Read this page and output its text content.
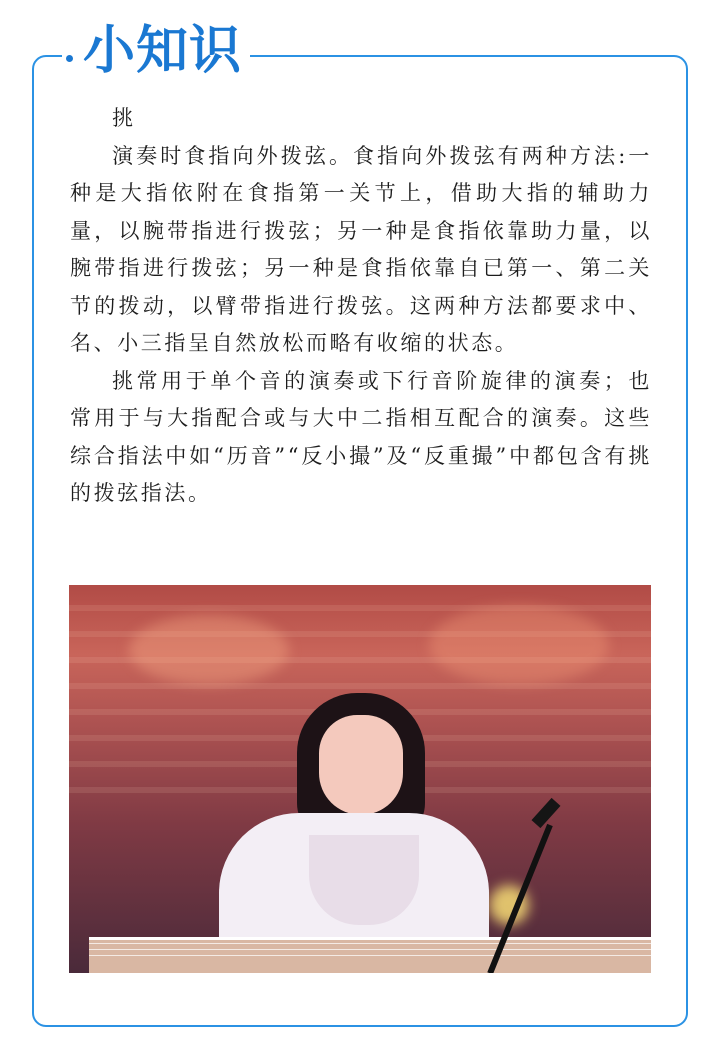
小知识

挑

演奏时食指向外拨弦。食指向外拨弦有两种方法:一种是大指依附在食指第一关节上，借助大指的辅助力量，以腕带指进行拨弦；另一种是食指依靠助力量，以腕带指进行拨弦；另一种是食指依靠自已第一、第二关节的拨动，以臂带指进行拨弦。这两种方法都要求中、名、小三指呈自然放松而略有收缩的状态。

挑常用于单个音的演奏或下行音阶旋律的演奏；也常用于与大指配合或与大中二指相互配合的演奏。这些综合指法中如“历音”“反小撮”及“反重撮”中都包含有挑的拨弦指法。
